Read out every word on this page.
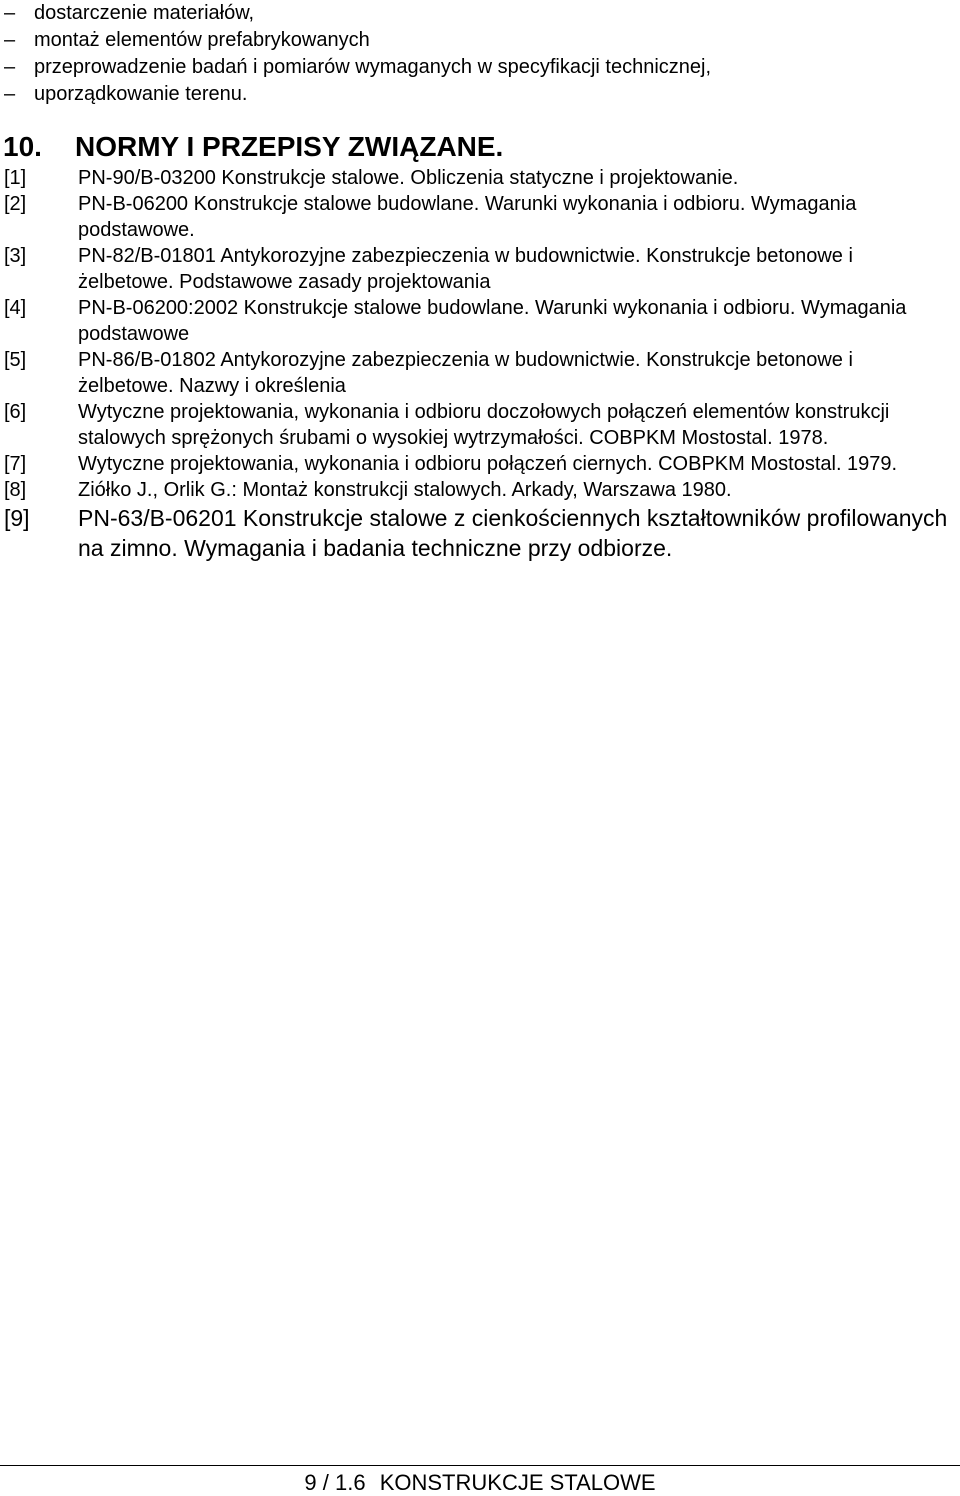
– dostarczenie materiałów,
– montaż elementów prefabrykowanych
– przeprowadzenie badań i pomiarów wymaganych w specyfikacji technicznej,
– uporządkowanie terenu.
10. NORMY I PRZEPISY ZWIĄZANE.
[1]	PN-90/B-03200 Konstrukcje stalowe. Obliczenia statyczne i projektowanie.
[2]	PN-B-06200 Konstrukcje stalowe budowlane. Warunki wykonania i odbioru. Wymagania podstawowe.
[3]	PN-82/B-01801 Antykorozyjne zabezpieczenia w budownictwie. Konstrukcje betonowe i żelbetowe. Podstawowe zasady projektowania
[4]	PN-B-06200:2002 Konstrukcje stalowe budowlane. Warunki wykonania i odbioru. Wymagania podstawowe
[5]	PN-86/B-01802 Antykorozyjne zabezpieczenia w budownictwie. Konstrukcje betonowe i żelbetowe. Nazwy i określenia
[6]	Wytyczne projektowania, wykonania i odbioru doczołowych połączeń elementów konstrukcji stalowych sprężonych śrubami o wysokiej wytrzymałości. COBPKM Mostostal. 1978.
[7]	Wytyczne projektowania, wykonania i odbioru połączeń ciernych. COBPKM Mostostal. 1979.
[8]	Ziółko J., Orlik G.: Montaż konstrukcji stalowych. Arkady, Warszawa 1980.
[9] PN-63/B-06201 Konstrukcje stalowe z cienkościennych kształtowników profilowanych na zimno. Wymagania i badania techniczne przy odbiorze.
9 / 1.6 KONSTRUKCJE STALOWE
